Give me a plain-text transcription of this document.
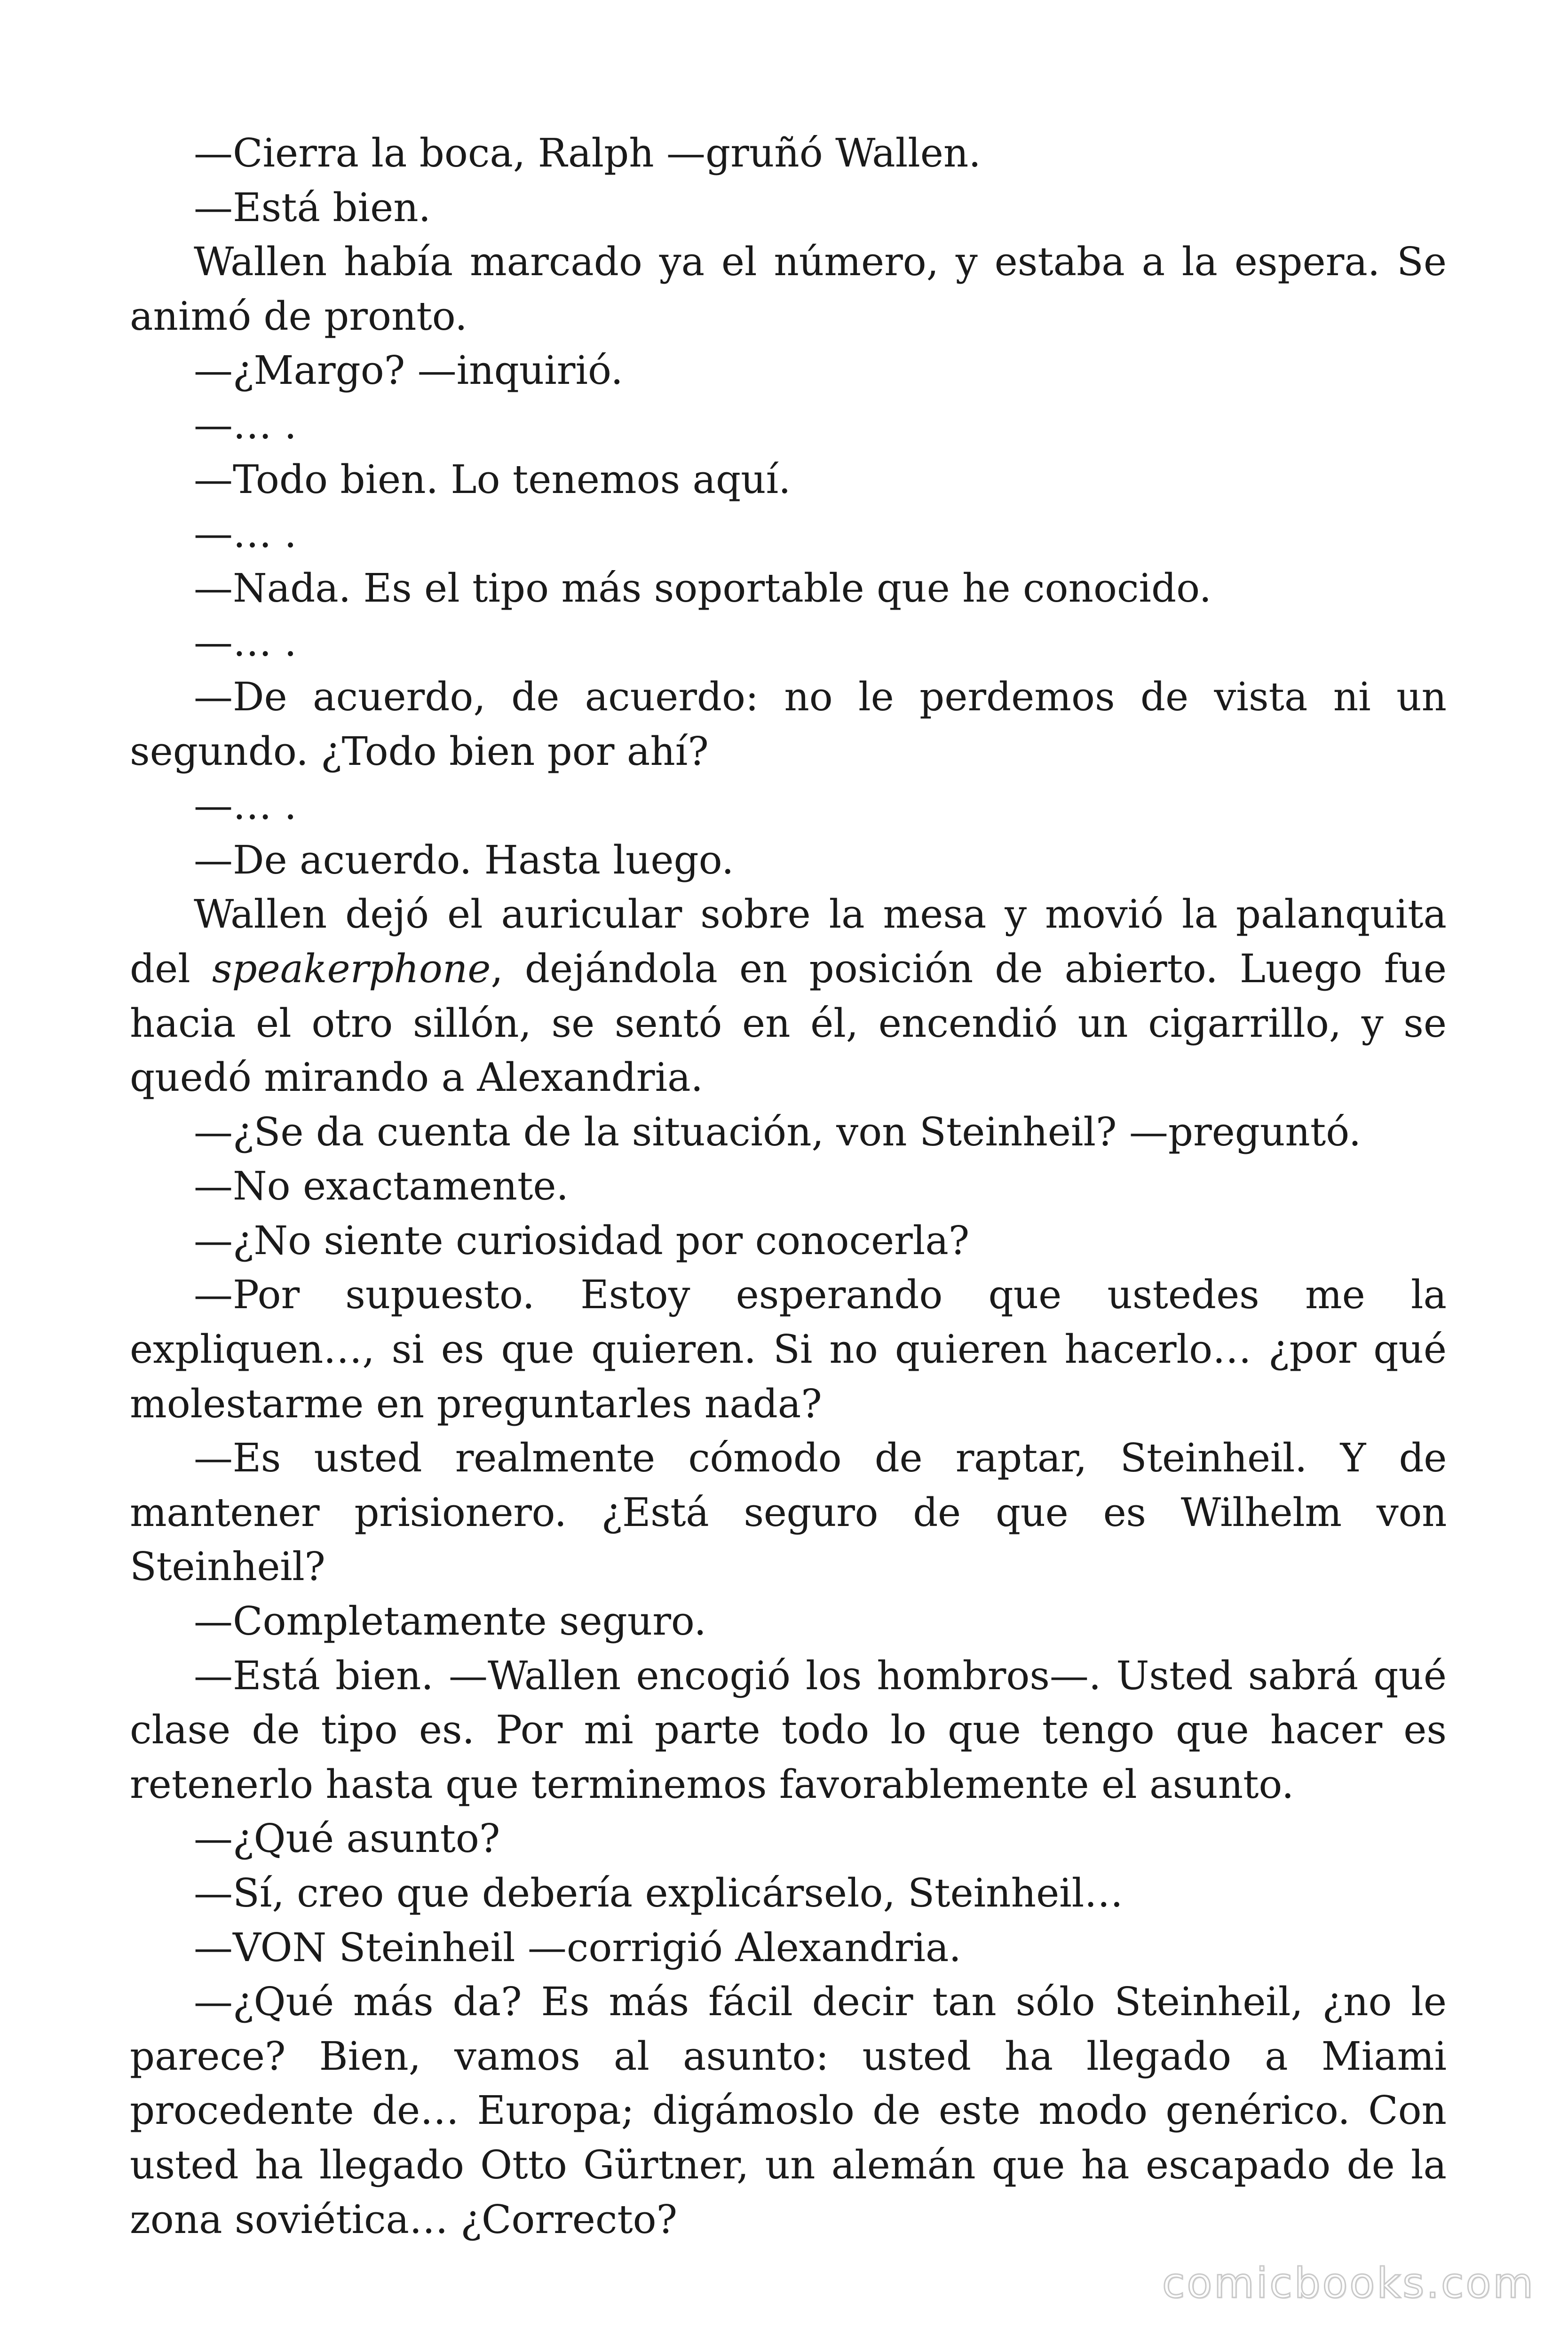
—Cierra la boca, Ralph —gruñó Wallen.

—Está bien.

Wallen había marcado ya el número, y estaba a la espera. Se animó de pronto.

—¿Margo? —inquirió.

—… .

—Todo bien. Lo tenemos aquí.

—… .

—Nada. Es el tipo más soportable que he conocido.

—… .

—De acuerdo, de acuerdo: no le perdemos de vista ni un segundo. ¿Todo bien por ahí?

—… .

—De acuerdo. Hasta luego.

Wallen dejó el auricular sobre la mesa y movió la palanquita del speakerphone, dejándola en posición de abierto. Luego fue hacia el otro sillón, se sentó en él, encendió un cigarrillo, y se quedó mirando a Alexandria.

—¿Se da cuenta de la situación, von Steinheil? —preguntó.

—No exactamente.

—¿No siente curiosidad por conocerla?

—Por supuesto. Estoy esperando que ustedes me la expliquen…, si es que quieren. Si no quieren hacerlo… ¿por qué molestarme en preguntarles nada?

—Es usted realmente cómodo de raptar, Steinheil. Y de mantener prisionero. ¿Está seguro de que es Wilhelm von Steinheil?

—Completamente seguro.

—Está bien. —Wallen encogió los hombros—. Usted sabrá qué clase de tipo es. Por mi parte todo lo que tengo que hacer es retenerlo hasta que terminemos favorablemente el asunto.

—¿Qué asunto?

—Sí, creo que debería explicárselo, Steinheil…

—VON Steinheil —corrigió Alexandria.

—¿Qué más da? Es más fácil decir tan sólo Steinheil, ¿no le parece? Bien, vamos al asunto: usted ha llegado a Miami procedente de… Europa; digámoslo de este modo genérico. Con usted ha llegado Otto Gürtner, un alemán que ha escapado de la zona soviética… ¿Correcto?

comicbooks.com
